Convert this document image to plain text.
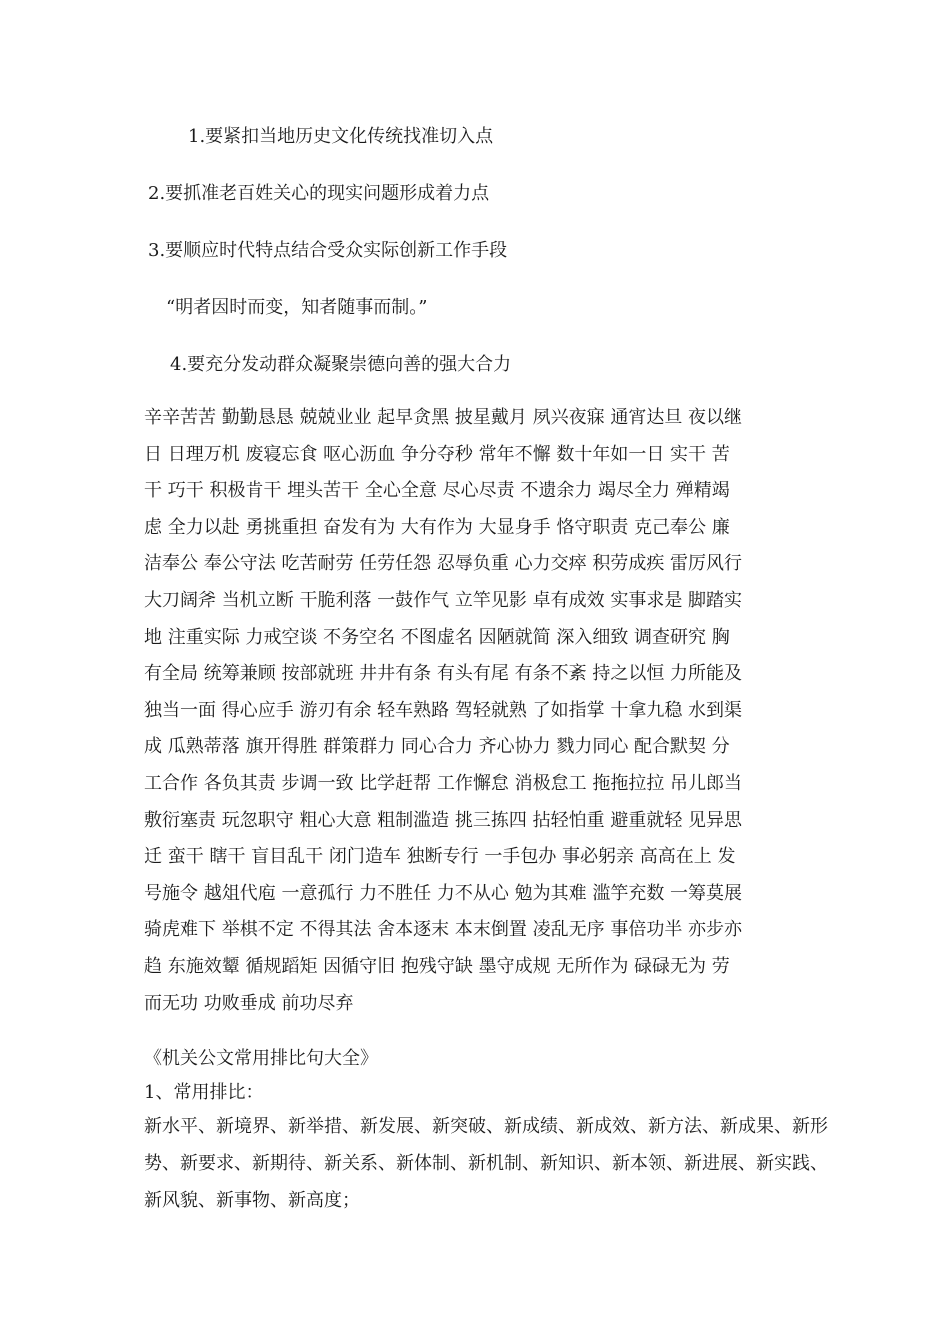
1.要紧扣当地历史文化传统找准切入点
2.要抓准老百姓关心的现实问题形成着力点
3.要顺应时代特点结合受众实际创新工作手段
“明者因时而变，知者随事而制。”
4.要充分发动群众凝聚崇德向善的强大合力
辛辛苦苦 勤勤恳恳 兢兢业业 起早贪黑 披星戴月 夙兴夜寐 通宵达旦 夜以继
日 日理万机 废寝忘食 呕心沥血 争分夺秒 常年不懈 数十年如一日 实干 苦
干 巧干 积极肯干 埋头苦干 全心全意 尽心尽责 不遗余力 竭尽全力 殚精竭
虑 全力以赴 勇挑重担 奋发有为 大有作为 大显身手 恪守职责 克己奉公 廉
洁奉公 奉公守法 吃苦耐劳 任劳任怨 忍辱负重 心力交瘁 积劳成疾 雷厉风行
大刀阔斧 当机立断 干脆利落 一鼓作气 立竿见影 卓有成效 实事求是 脚踏实
地 注重实际 力戒空谈 不务空名 不图虚名 因陋就简 深入细致 调查研究 胸
有全局 统筹兼顾 按部就班 井井有条 有头有尾 有条不紊 持之以恒 力所能及
独当一面 得心应手 游刃有余 轻车熟路 驾轻就熟 了如指掌 十拿九稳 水到渠
成 瓜熟蒂落 旗开得胜 群策群力 同心合力 齐心协力 戮力同心 配合默契 分
工合作 各负其责 步调一致 比学赶帮 工作懈怠 消极怠工 拖拖拉拉 吊儿郎当
敷衍塞责 玩忽职守 粗心大意 粗制滥造 挑三拣四 拈轻怕重 避重就轻 见异思
迁 蛮干 瞎干 盲目乱干 闭门造车 独断专行 一手包办 事必躬亲 高高在上 发
号施令 越俎代庖 一意孤行 力不胜任 力不从心 勉为其难 滥竽充数 一筹莫展
骑虎难下 举棋不定 不得其法 舍本逐末 本末倒置 凌乱无序 事倍功半 亦步亦
趋 东施效颦 循规蹈矩 因循守旧 抱残守缺 墨守成规 无所作为 碌碌无为 劳
而无功 功败垂成 前功尽弃
《机关公文常用排比句大全》
1、常用排比：
新水平、新境界、新举措、新发展、新突破、新成绩、新成效、新方法、新成果、新形
势、新要求、新期待、新关系、新体制、新机制、新知识、新本领、新进展、新实践、
新风貌、新事物、新高度；
